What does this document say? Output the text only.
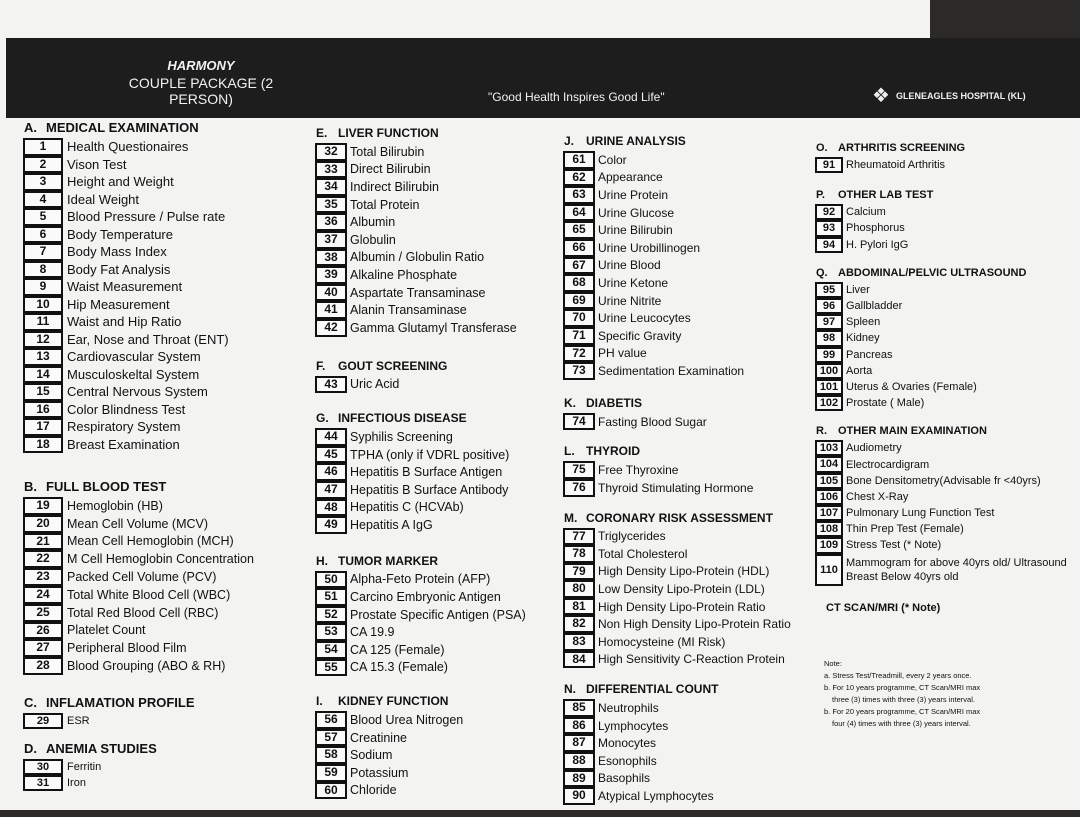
HARMONY
COUPLE PACKAGE (2 PERSON)	"Good Health Inspires Good Life"	❖ GLENEAGLES HOSPITAL (KL)
A. MEDICAL EXAMINATION
1	Health Questionaires
2	Vison Test
3	Height and Weight
4	Ideal Weight
5	Blood Pressure / Pulse rate
6	Body Temperature
7	Body Mass Index
8	Body Fat Analysis
9	Waist Measurement
10	Hip Measurement
11	Waist and Hip Ratio
12	Ear, Nose and Throat (ENT)
13	Cardiovascular System
14	Musculoskeltal System
15	Central Nervous System
16	Color Blindness Test
17	Respiratory System
18	Breast Examination
B. FULL BLOOD TEST
19	Hemoglobin (HB)
20	Mean Cell Volume (MCV)
21	Mean Cell Hemoglobin (MCH)
22	M Cell Hemoglobin Concentration
23	Packed Cell Volume (PCV)
24	Total White Blood Cell (WBC)
25	Total Red Blood Cell (RBC)
26	Platelet Count
27	Peripheral Blood Film
28	Blood Grouping (ABO & RH)
C. INFLAMATION PROFILE
29	ESR
D. ANEMIA STUDIES
30	Ferritin
31	Iron
E. LIVER FUNCTION
32 Total Bilirubin
33 Direct Bilirubin
34 Indirect Bilirubin
35 Total Protein
36 Albumin
37 Globulin
38 Albumin / Globulin Ratio
39 Alkaline Phosphate
40 Aspartate Transaminase
41 Alanin Transaminase
42 Gamma Glutamyl Transferase
F.	GOUT SCREENING
43 Uric Acid
G. INFECTIOUS DISEASE
44 Syphilis Screening
45 TPHA (only if VDRL positive)
46 Hepatitis B Surface Antigen
47 Hepatitis B Surface Antibody
48 Hepatitis C (HCVAb)
49 Hepatitis A IgG
H. TUMOR MARKER
50 Alpha-Feto Protein (AFP)
51 Carcino Embryonic Antigen
52 Prostate Specific Antigen (PSA)
53 CA 19.9
54 CA 125 (Female)
55 CA 15.3 (Female)
I.	KIDNEY FUNCTION
56 Blood Urea Nitrogen
57 Creatinine
58 Sodium
59 Potassium
60 Chloride
J. URINE ANALYSIS
61	Color
62	Appearance
63	Urine Protein
64	Urine Glucose
65	Urine Bilirubin
66	Urine Urobillinogen
67	Urine Blood
68	Urine Ketone
69	Urine Nitrite
70	Urine Leucocytes
71	Specific Gravity
72	PH value
73	Sedimentation Examination
K. DIABETIS
74	Fasting Blood Sugar
L. THYROID
75	Free Thyroxine
76	Thyroid Stimulating Hormone
M. CORONARY RISK ASSESSMENT
77	Triglycerides
78	Total Cholesterol
79	High Density Lipo-Protein (HDL)
80	Low Density Lipo-Protein (LDL)
81	High Density Lipo-Protein Ratio
82	Non High Density Lipo-Protein Ratio
83	Homocysteine (MI Risk)
84	High Sensitivity C-Reaction Protein
N. DIFFERENTIAL COUNT
85	Neutrophils
86	Lymphocytes
87	Monocytes
88	Esonophils
89	Basophils
90	Atypical Lymphocytes
O. ARTHRITIS SCREENING
91 Rheumatoid Arthritis
P.	OTHER LAB TEST
92 Calcium
93 Phosphorus
94 H. Pylori IgG
Q. ABDOMINAL/PELVIC ULTRASOUND
95 Liver
96 Gallbladder
97 Spleen
98 Kidney
99 Pancreas
100 Aorta
101 Uterus & Ovaries (Female)
102 Prostate ( Male)
R.	OTHER MAIN EXAMINATION
103 Audiometry
104 Electrocardigram
105 Bone Densitometry(Advisable fr <40yrs)
106 Chest X-Ray
107 Pulmonary Lung Function Test
108 Thin Prep Test (Female)
109 Stress Test (* Note)
110
Mammogram for above 40yrs old/ Ultrasound Breast Below 40yrs old
CT SCAN/MRI (* Note)
Note:
a. Stress Test/Treadmill, every 2 years once.
b. For 10 years programme, CT Scan/MRI max
three (3) times with three (3) years interval.
b. For 20 years programme, CT Scan/MRI max
four (4) times with three (3) years interval.
